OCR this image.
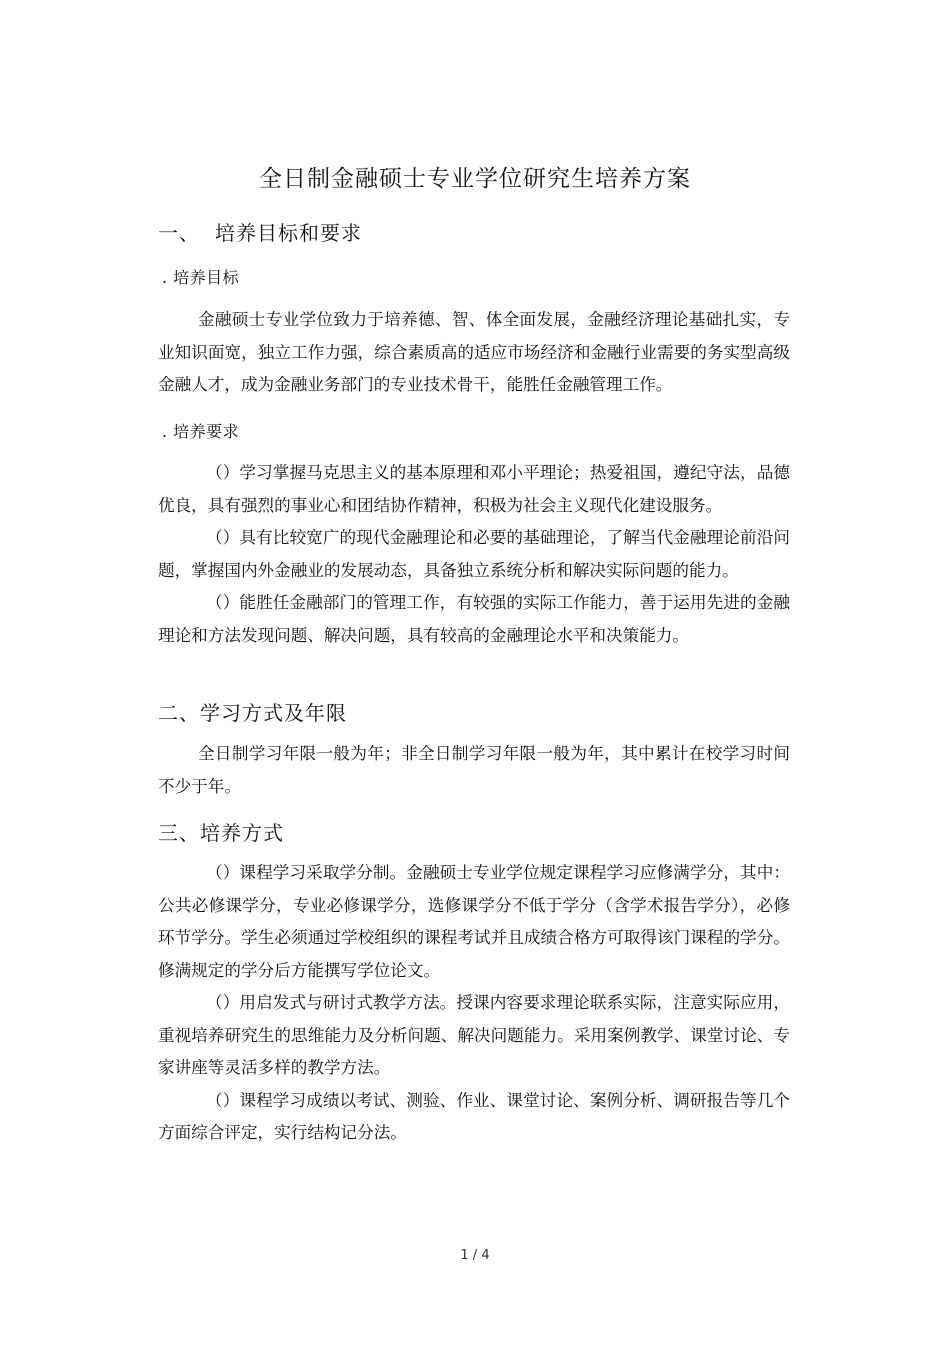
全日制金融硕士专业学位研究生培养方案
一、 培养目标和要求
. 培养目标

金融硕士专业学位致力于培养德、智、体全面发展，金融经济理论基础扎实，专业知识面宽，独立工作力强，综合素质高的适应市场经济和金融行业需要的务实型高级金融人才，成为金融业务部门的专业技术骨干，能胜任金融管理工作。

. 培养要求

（）学习掌握马克思主义的基本原理和邓小平理论；热爱祖国，遵纪守法，品德优良，具有强烈的事业心和团结协作精神，积极为社会主义现代化建设服务。

（）具有比较宽广的现代金融理论和必要的基础理论，了解当代金融理论前沿问题，掌握国内外金融业的发展动态，具备独立系统分析和解决实际问题的能力。

（）能胜任金融部门的管理工作，有较强的实际工作能力，善于运用先进的金融理论和方法发现问题、解决问题，具有较高的金融理论水平和决策能力。

二、学习方式及年限

全日制学习年限一般为年；非全日制学习年限一般为年，其中累计在校学习时间不少于年。

三、培养方式

（）课程学习采取学分制。金融硕士专业学位规定课程学习应修满学分，其中：公共必修课学分，专业必修课学分，选修课学分不低于学分（含学术报告学分），必修环节学分。学生必须通过学校组织的课程考试并且成绩合格方可取得该门课程的学分。修满规定的学分后方能撰写学位论文。

（）用启发式与研讨式教学方法。授课内容要求理论联系实际，注意实际应用，重视培养研究生的思维能力及分析问题、解决问题能力。采用案例教学、课堂讨论、专家讲座等灵活多样的教学方法。

（）课程学习成绩以考试、测验、作业、课堂讨论、案例分析、调研报告等几个方面综合评定，实行结构记分法。

1 / 4
